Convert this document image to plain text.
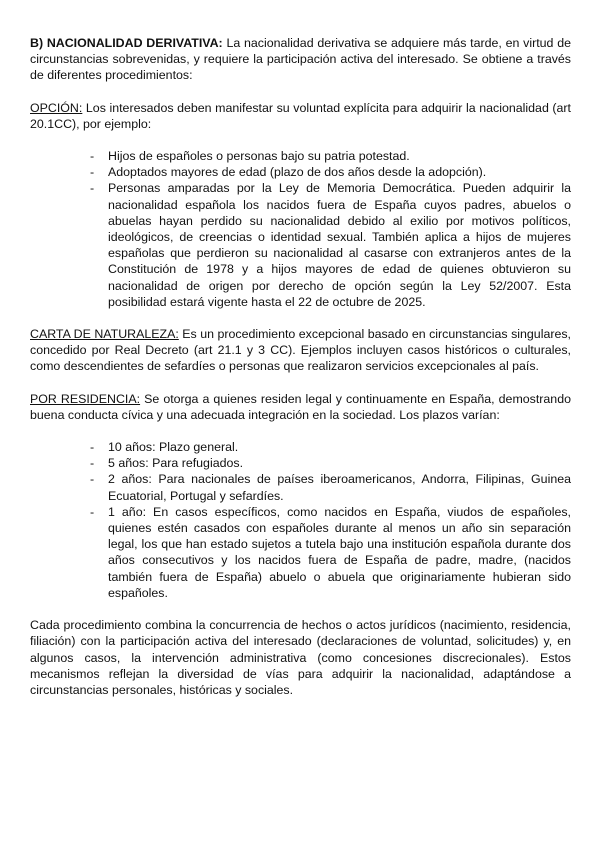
B) NACIONALIDAD DERIVATIVA: La nacionalidad derivativa se adquiere más tarde, en virtud de circunstancias sobrevenidas, y requiere la participación activa del interesado. Se obtiene a través de diferentes procedimientos:

OPCIÓN: Los interesados deben manifestar su voluntad explícita para adquirir la nacionalidad (art 20.1CC), por ejemplo:

- Hijos de españoles o personas bajo su patria potestad.
- Adoptados mayores de edad (plazo de dos años desde la adopción).
- Personas amparadas por la Ley de Memoria Democrática. Pueden adquirir la nacionalidad española los nacidos fuera de España cuyos padres, abuelos o abuelas hayan perdido su nacionalidad debido al exilio por motivos políticos, ideológicos, de creencias o identidad sexual. También aplica a hijos de mujeres españolas que perdieron su nacionalidad al casarse con extranjeros antes de la Constitución de 1978 y a hijos mayores de edad de quienes obtuvieron su nacionalidad de origen por derecho de opción según la Ley 52/2007. Esta posibilidad estará vigente hasta el 22 de octubre de 2025.

CARTA DE NATURALEZA: Es un procedimiento excepcional basado en circunstancias singulares, concedido por Real Decreto (art 21.1 y 3 CC). Ejemplos incluyen casos históricos o culturales, como descendientes de sefardíes o personas que realizaron servicios excepcionales al país.

POR RESIDENCIA: Se otorga a quienes residen legal y continuamente en España, demostrando buena conducta cívica y una adecuada integración en la sociedad. Los plazos varían:

- 10 años: Plazo general.
- 5 años: Para refugiados.
- 2 años: Para nacionales de países iberoamericanos, Andorra, Filipinas, Guinea Ecuatorial, Portugal y sefardíes.
- 1 año: En casos específicos, como nacidos en España, viudos de españoles, quienes estén casados con españoles durante al menos un año sin separación legal, los que han estado sujetos a tutela bajo una institución española durante dos años consecutivos y los nacidos fuera de España de padre, madre, (nacidos también fuera de España) abuelo o abuela que originariamente hubieran sido españoles.

Cada procedimiento combina la concurrencia de hechos o actos jurídicos (nacimiento, residencia, filiación) con la participación activa del interesado (declaraciones de voluntad, solicitudes) y, en algunos casos, la intervención administrativa (como concesiones discrecionales). Estos mecanismos reflejan la diversidad de vías para adquirir la nacionalidad, adaptándose a circunstancias personales, históricas y sociales.
